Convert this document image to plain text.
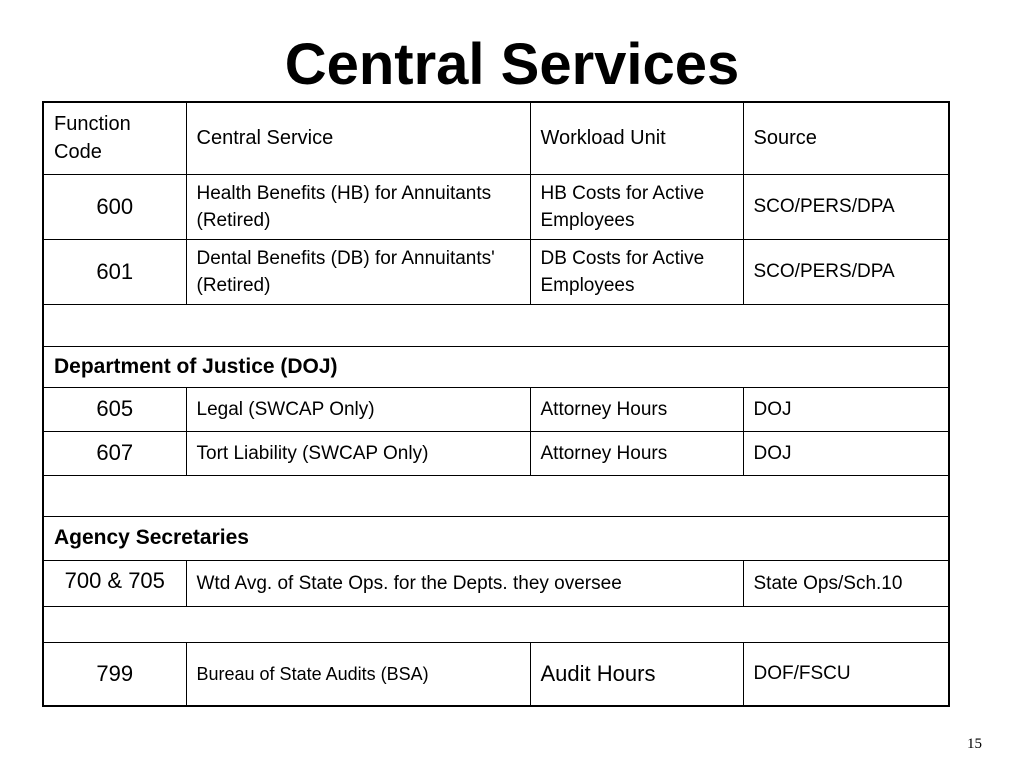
Central Services
Function Code	Central Service	Workload Unit	Source
600	Health Benefits (HB) for Annuitants (Retired)	HB Costs for Active Employees	SCO/PERS/DPA
601	Dental Benefits (DB) for Annuitants' (Retired)	DB Costs for Active Employees	SCO/PERS/DPA

Department of Justice (DOJ)			
605	Legal (SWCAP Only)	Attorney Hours	DOJ
607	Tort Liability (SWCAP Only)	Attorney Hours	DOJ

Agency Secretaries			
700 & 705	Wtd Avg. of State Ops. for the Depts. they oversee		State Ops/Sch.10

799	Bureau of State Audits (BSA)	Audit Hours	DOF/FSCU
15
